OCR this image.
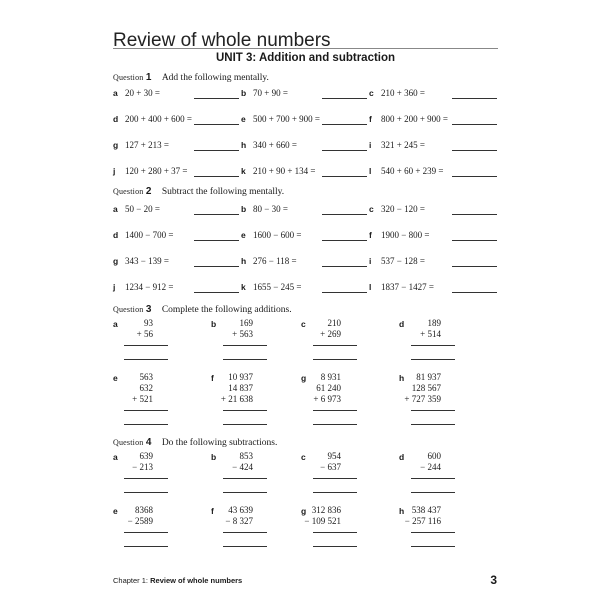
Review of whole numbers
UNIT 3: Addition and subtraction
Question 1 Add the following mentally.
a 20 + 30 =	b 70 + 90 =	c 210 + 360 =
d 200 + 400 + 600 =	e 500 + 700 + 900 =	f 800 + 200 + 900 =
g 127 + 213 =	h 340 + 660 =	i 321 + 245 =
j 120 + 280 + 37 =	k 210 + 90 + 134 =	l 540 + 60 + 239 =
Question 2 Subtract the following mentally.
a 50 − 20 =	b 80 − 30 =	c 320 − 120 =
d 1400 − 700 =	e 1600 − 600 =	f 1900 − 800 =
g 343 − 139 =	h 276 − 118 =	i 537 − 128 =
j 1234 − 912 =	k 1655 − 245 =	l 1837 − 1427 =
Question 3 Complete the following additions.
a	93
+ 56
b	169
+ 563
c	210
+ 269
d	189
+ 514
e	563
632
+ 521
f	10 937
14 837
+ 21 638
g	8 931
61 240
+ 6 973
h	81 937
128 567
+ 727 359
Question 4 Do the following subtractions.
a	639
− 213
b	853
− 424
c	954
− 637
d	600
− 244
e	8368
− 2589
f	43 639
− 8 327
g 312 836
− 109 521
h 538 437
− 257 116
Chapter 1: Review of whole numbers	3
